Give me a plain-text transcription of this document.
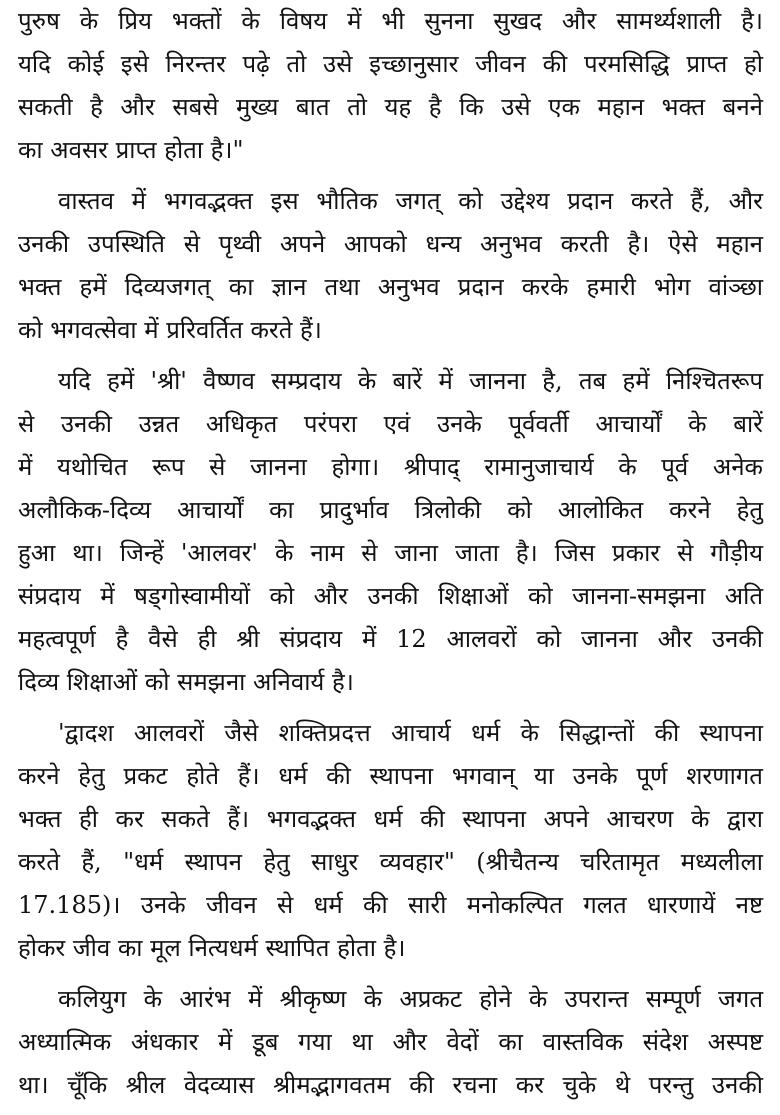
पुरुष के प्रिय भक्तों के विषय में भी सुनना सुखद और सामर्थ्यशाली है।
यदि कोई इसे निरन्तर पढ़े तो उसे इच्छानुसार जीवन की परमसिद्धि प्राप्त हो
सकती है और सबसे मुख्य बात तो यह है कि उसे एक महान भक्त बनने
का अवसर प्राप्त होता है।"
वास्तव में भगवद्भक्त इस भौतिक जगत् को उद्देश्य प्रदान करते हैं, और
उनकी उपस्थिति से पृथ्वी अपने आपको धन्य अनुभव करती है। ऐसे महान
भक्त हमें दिव्यजगत् का ज्ञान तथा अनुभव प्रदान करके हमारी भोग वांञ्छा
को भगवत्सेवा में प्ररिवर्तित करते हैं।
यदि हमें 'श्री' वैष्णव सम्प्रदाय के बारें में जानना है, तब हमें निश्चितरूप
से उनकी उन्नत अधिकृत परंपरा एवं उनके पूर्ववर्ती आचार्यों के बारें
में यथोचित रूप से जानना होगा। श्रीपाद् रामानुजाचार्य के पूर्व अनेक
अलौकिक-दिव्य आचार्यों का प्रादुर्भाव त्रिलोकी को आलोकित करने हेतु
हुआ था। जिन्हें 'आलवर' के नाम से जाना जाता है। जिस प्रकार से गौड़ीय
संप्रदाय में षड्गोस्वामीयों को और उनकी शिक्षाओं को जानना-समझना अति
महत्वपूर्ण है वैसे ही श्री संप्रदाय में 12 आलवरों को जानना और उनकी
दिव्य शिक्षाओं को समझना अनिवार्य है।
'द्वादश आलवरों जैसे शक्तिप्रदत्त आचार्य धर्म के सिद्धान्तों की स्थापना
करने हेतु प्रकट होते हैं। धर्म की स्थापना भगवान् या उनके पूर्ण शरणागत
भक्त ही कर सकते हैं। भगवद्भक्त धर्म की स्थापना अपने आचरण के द्वारा
करते हैं, "धर्म स्थापन हेतु साधुर व्यवहार" (श्रीचैतन्य चरितामृत मध्यलीला
17.185)। उनके जीवन से धर्म की सारी मनोकल्पित गलत धारणायें नष्ट
होकर जीव का मूल नित्यधर्म स्थापित होता है।
कलियुग के आरंभ में श्रीकृष्ण के अप्रकट होने के उपरान्त सम्पूर्ण जगत
अध्यात्मिक अंधकार में डूब गया था और वेदों का वास्तविक संदेश अस्पष्ट
था। चूँकि श्रील वेदव्यास श्रीमद्भागवतम की रचना कर चुके थे परन्तु उनकी
